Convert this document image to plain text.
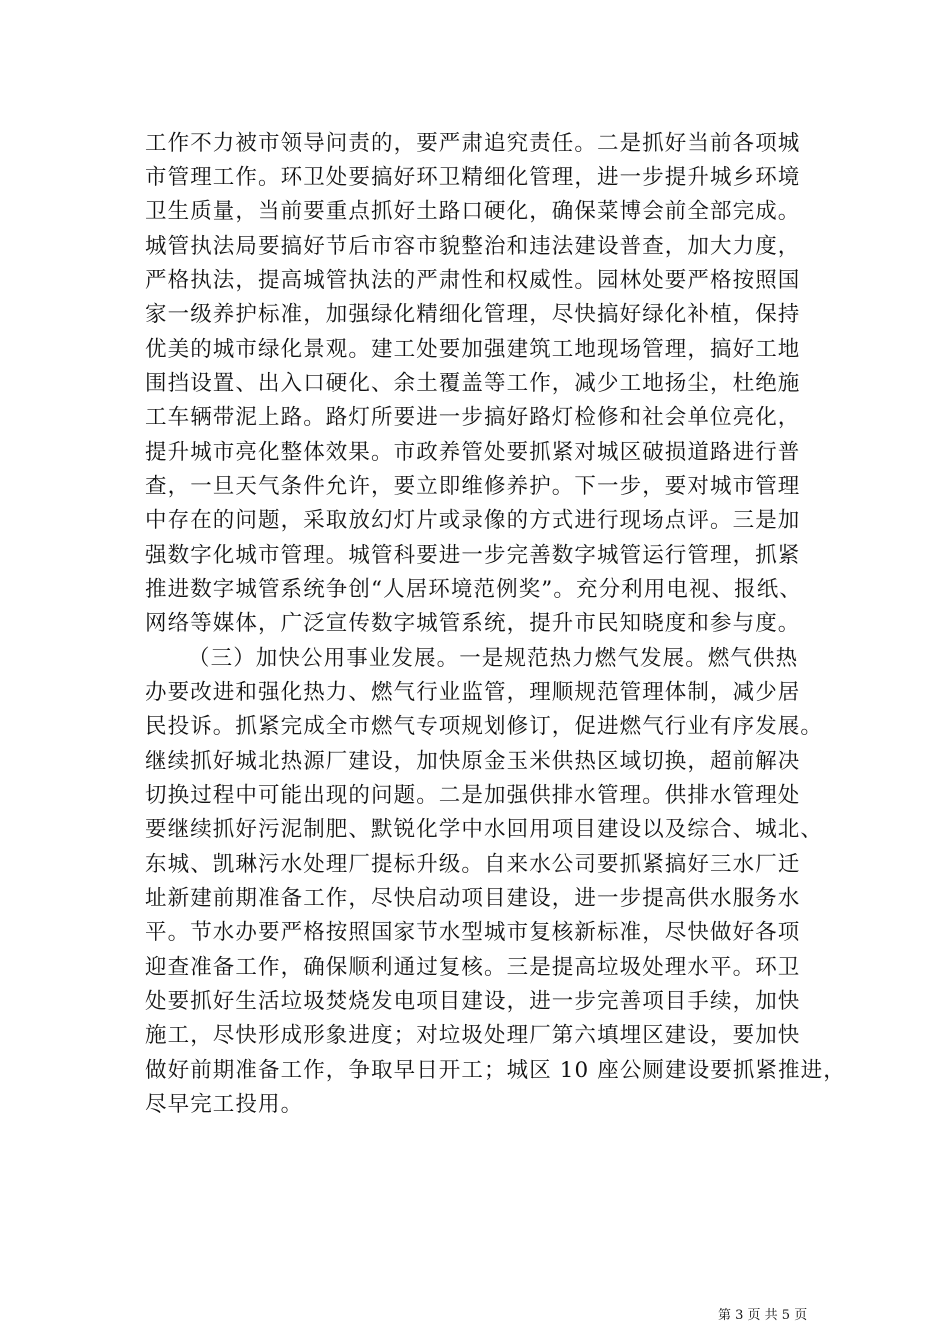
工作不力被市领导问责的，要严肃追究责任。二是抓好当前各项城
市管理工作。环卫处要搞好环卫精细化管理，进一步提升城乡环境
卫生质量，当前要重点抓好土路口硬化，确保菜博会前全部完成。
城管执法局要搞好节后市容市貌整治和违法建设普查，加大力度，
严格执法，提高城管执法的严肃性和权威性。园林处要严格按照国
家一级养护标准，加强绿化精细化管理，尽快搞好绿化补植，保持
优美的城市绿化景观。建工处要加强建筑工地现场管理，搞好工地
围挡设置、出入口硬化、余土覆盖等工作，减少工地扬尘，杜绝施
工车辆带泥上路。路灯所要进一步搞好路灯检修和社会单位亮化，
提升城市亮化整体效果。市政养管处要抓紧对城区破损道路进行普
查，一旦天气条件允许，要立即维修养护。下一步，要对城市管理
中存在的问题，采取放幻灯片或录像的方式进行现场点评。三是加
强数字化城市管理。城管科要进一步完善数字城管运行管理，抓紧
推进数字城管系统争创“人居环境范例奖”。充分利用电视、报纸、
网络等媒体，广泛宣传数字城管系统，提升市民知晓度和参与度。
（三）加快公用事业发展。一是规范热力燃气发展。燃气供热
办要改进和强化热力、燃气行业监管，理顺规范管理体制，减少居
民投诉。抓紧完成全市燃气专项规划修订，促进燃气行业有序发展。
继续抓好城北热源厂建设，加快原金玉米供热区域切换，超前解决
切换过程中可能出现的问题。二是加强供排水管理。供排水管理处
要继续抓好污泥制肥、默锐化学中水回用项目建设以及综合、城北、
东城、凯琳污水处理厂提标升级。自来水公司要抓紧搞好三水厂迁
址新建前期准备工作，尽快启动项目建设，进一步提高供水服务水
平。节水办要严格按照国家节水型城市复核新标准，尽快做好各项
迎查准备工作，确保顺利通过复核。三是提高垃圾处理水平。环卫
处要抓好生活垃圾焚烧发电项目建设，进一步完善项目手续，加快
施工，尽快形成形象进度；对垃圾处理厂第六填埋区建设，要加快
做好前期准备工作，争取早日开工；城区 10 座公厕建设要抓紧推进，
尽早完工投用。
第 3 页 共 5 页
